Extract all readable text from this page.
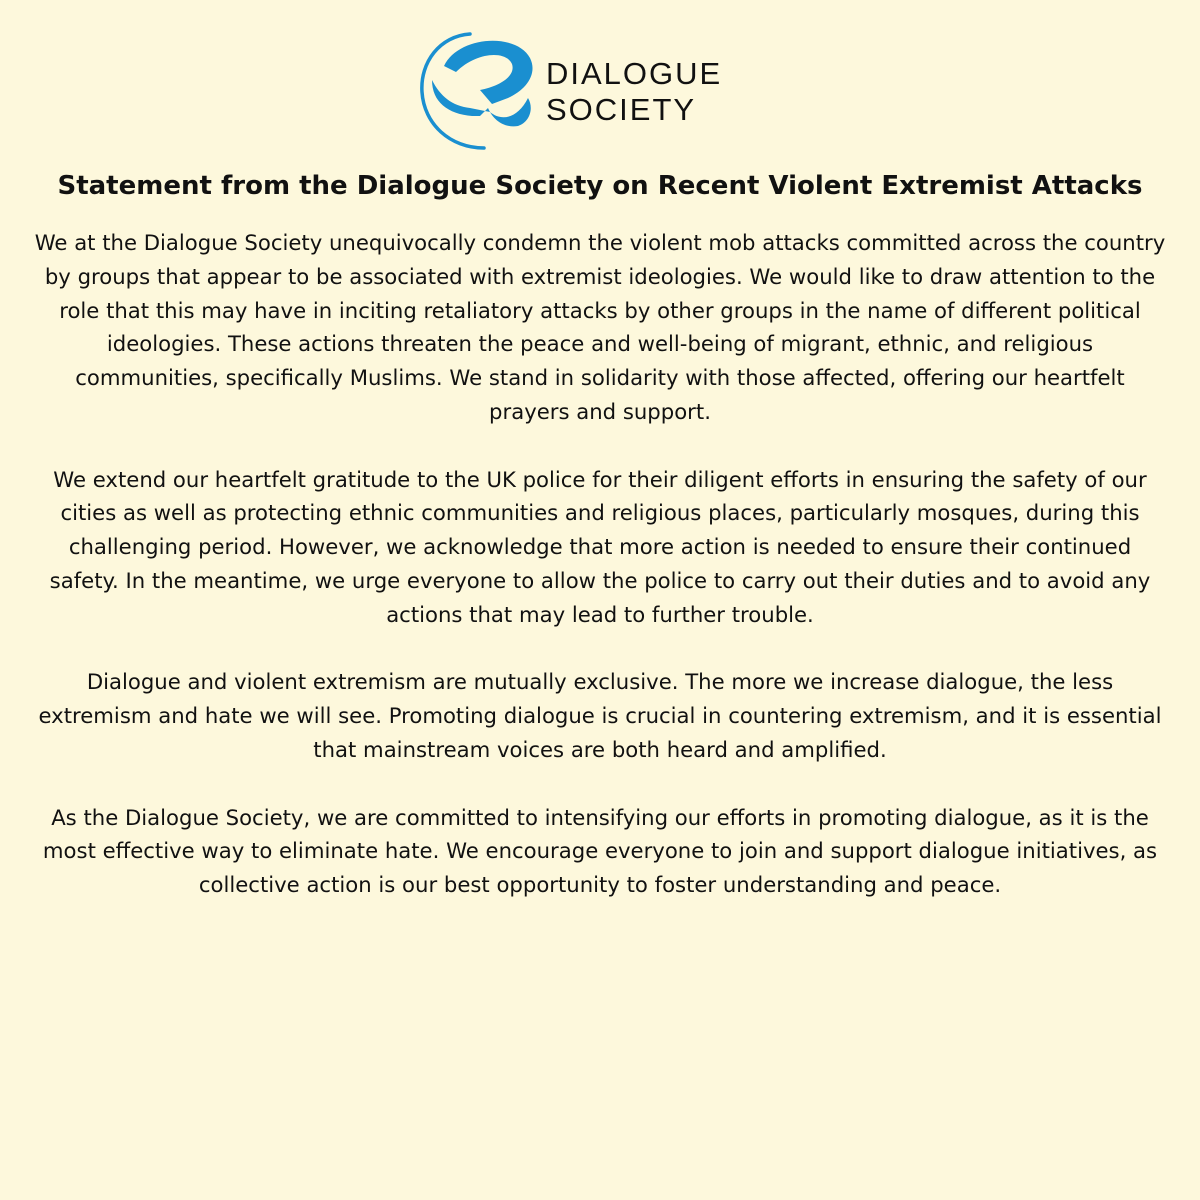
DIALOGUE
SOCIETY
Statement from the Dialogue Society on Recent Violent Extremist Attacks

We at the Dialogue Society unequivocally condemn the violent mob attacks committed across the country by groups that appear to be associated with extremist ideologies. We would like to draw attention to the role that this may have in inciting retaliatory attacks by other groups in the name of different political ideologies. These actions threaten the peace and well-being of migrant, ethnic, and religious communities, specifically Muslims. We stand in solidarity with those affected, offering our heartfelt prayers and support.

We extend our heartfelt gratitude to the UK police for their diligent efforts in ensuring the safety of our cities as well as protecting ethnic communities and religious places, particularly mosques, during this challenging period. However, we acknowledge that more action is needed to ensure their continued safety. In the meantime, we urge everyone to allow the police to carry out their duties and to avoid any actions that may lead to further trouble.

Dialogue and violent extremism are mutually exclusive. The more we increase dialogue, the less extremism and hate we will see. Promoting dialogue is crucial in countering extremism, and it is essential that mainstream voices are both heard and amplified.

As the Dialogue Society, we are committed to intensifying our efforts in promoting dialogue, as it is the most effective way to eliminate hate. We encourage everyone to join and support dialogue initiatives, as collective action is our best opportunity to foster understanding and peace.
